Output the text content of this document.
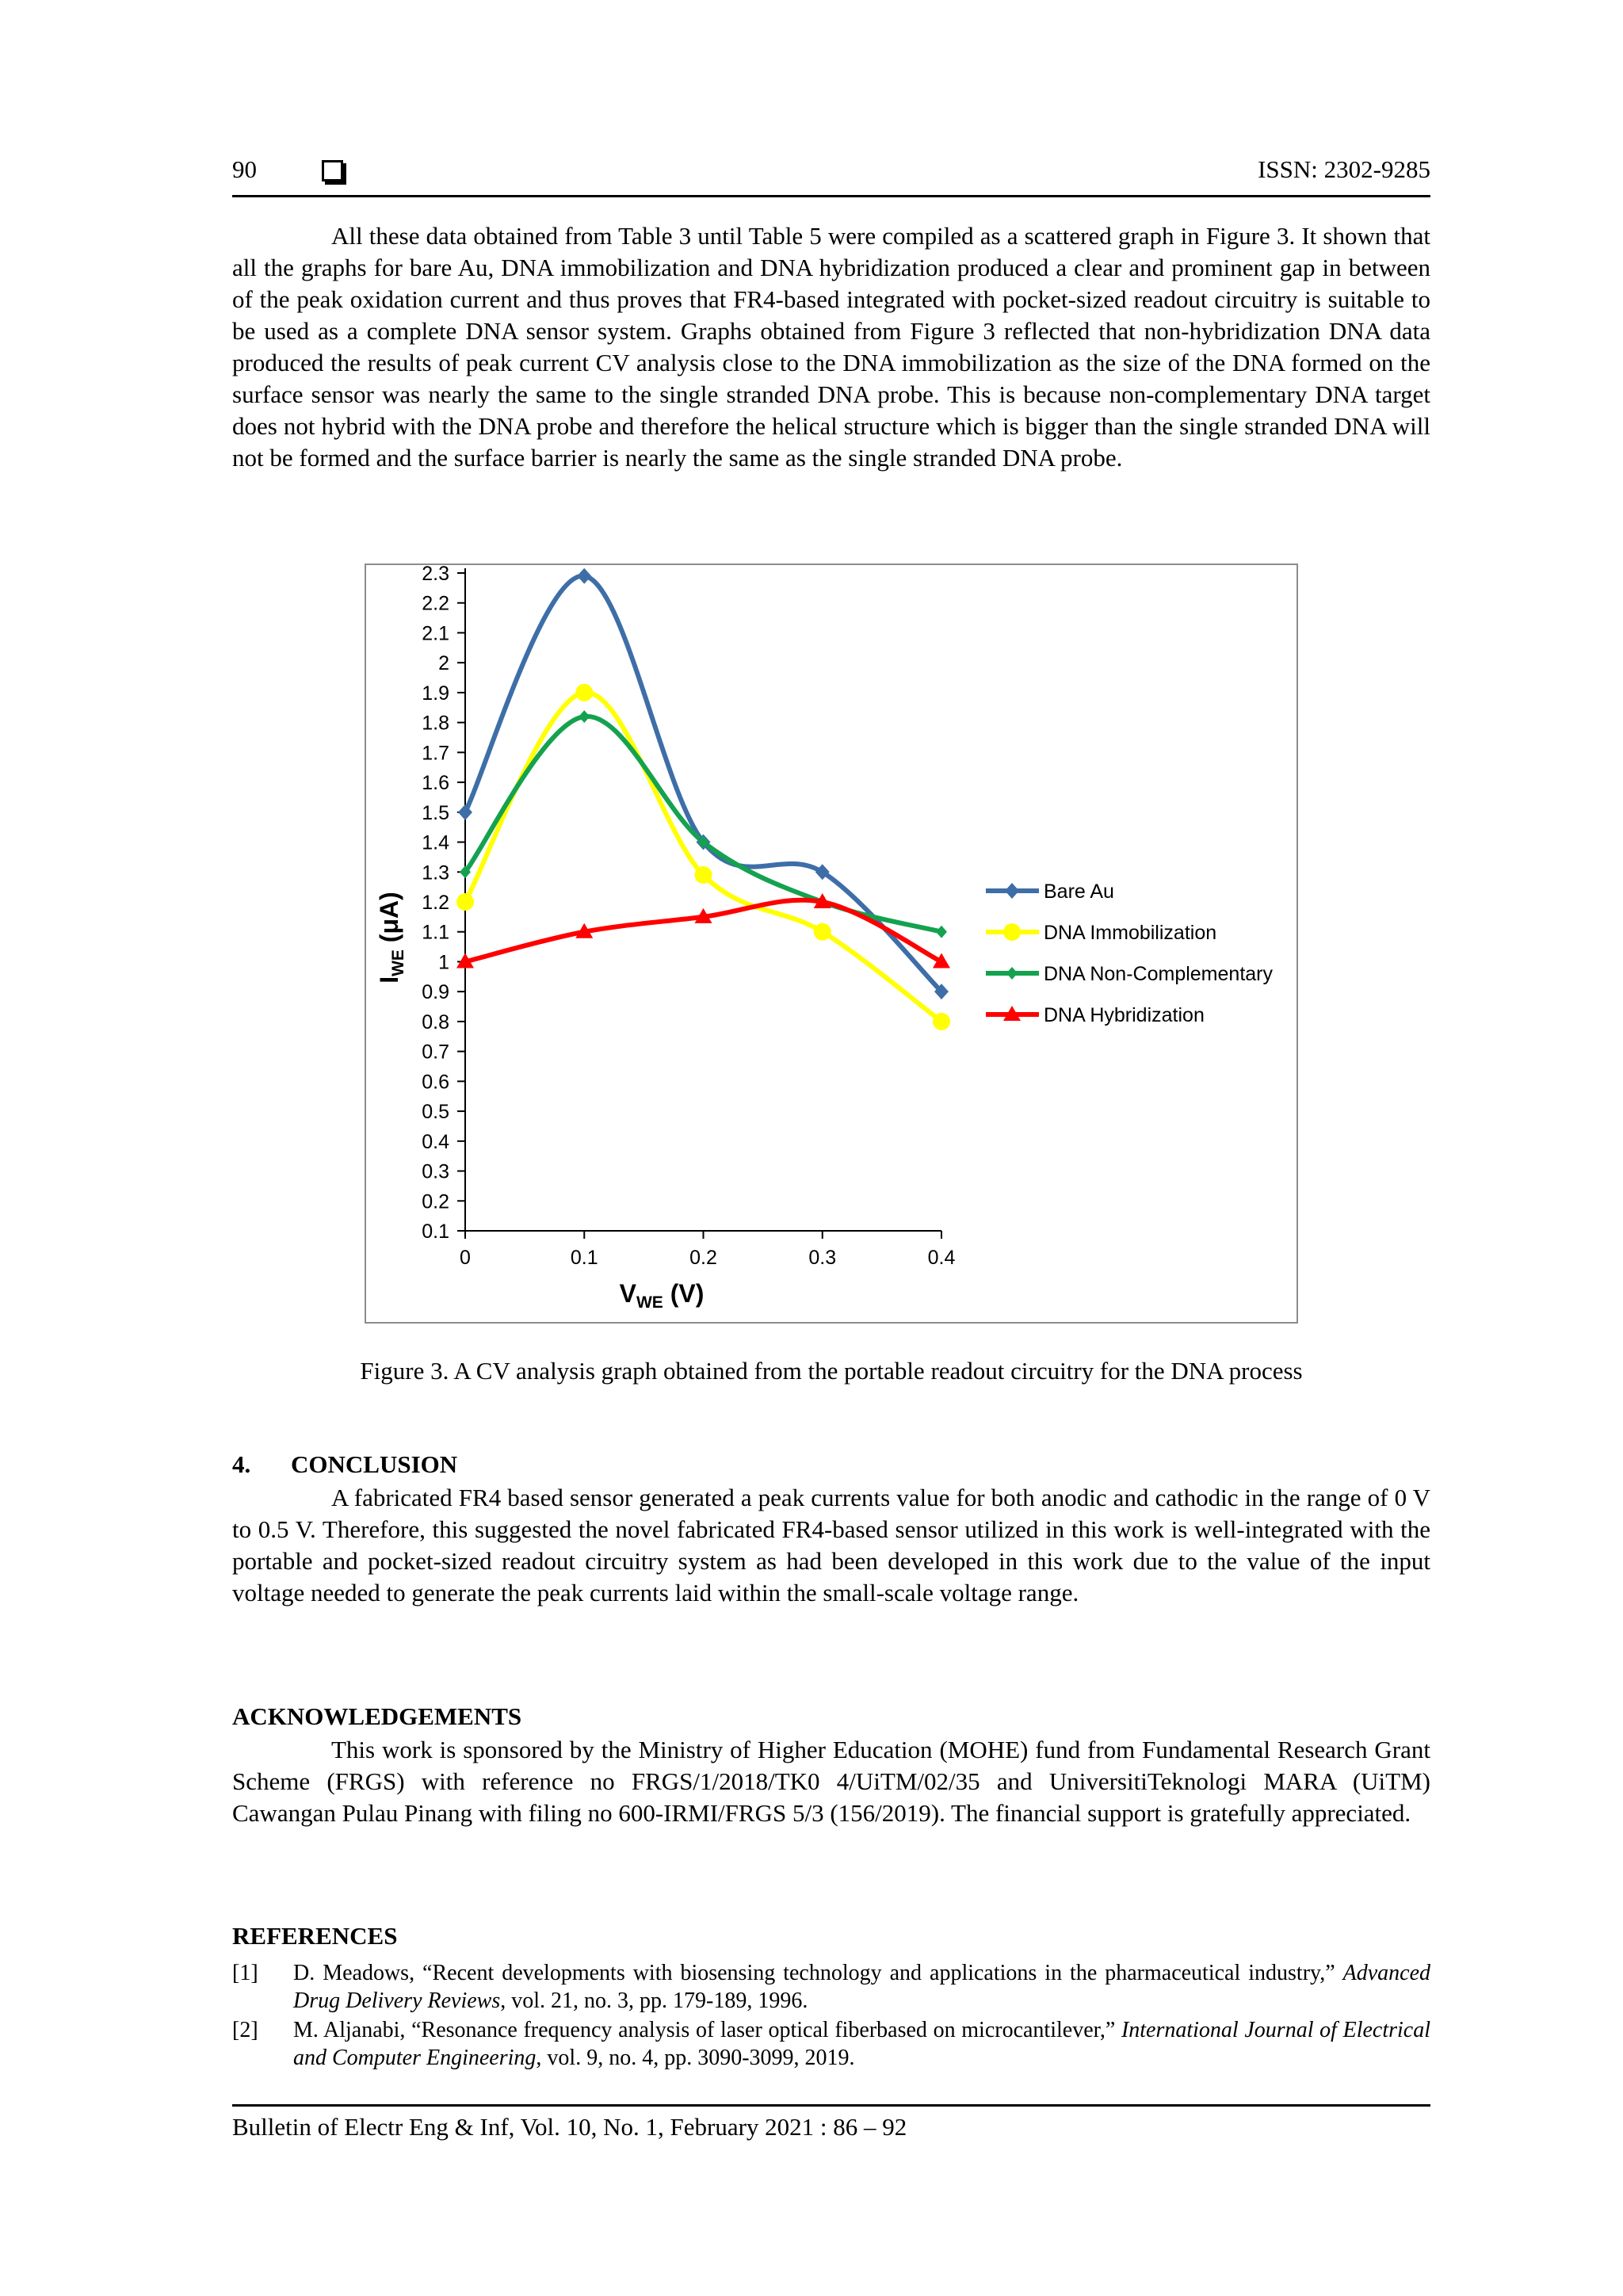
90	ISSN: 2302-9285

All these data obtained from Table 3 until Table 5 were compiled as a scattered graph in Figure 3. It shown that all the graphs for bare Au, DNA immobilization and DNA hybridization produced a clear and prominent gap in between of the peak oxidation current and thus proves that FR4-based integrated with pocket-sized readout circuitry is suitable to be used as a complete DNA sensor system. Graphs obtained from Figure 3 reflected that non-hybridization DNA data produced the results of peak current CV analysis close to the DNA immobilization as the size of the DNA formed on the surface sensor was nearly the same to the single stranded DNA probe. This is because non-complementary DNA target does not hybrid with the DNA probe and therefore the helical structure which is bigger than the single stranded DNA will not be formed and the surface barrier is nearly the same as the single stranded DNA probe.

0.1
0.2
0.3
0.4
0.5
0.6
0.7
0.8
0.9
1
1.1
1.2
1.3
1.4
1.5
1.6
1.7
1.8
1.9
2
2.1
2.2
2.3
0	0.1	0.2	0.3	0.4
Bare Au
DNA Immobilization
DNA Non-Complementary
DNA Hybridization
$V_{WE}$ (V)
$I_{WE}$ (μA)
Figure 3. A CV analysis graph obtained from the portable readout circuitry for the DNA process
4. CONCLUSION

A fabricated FR4 based sensor generated a peak currents value for both anodic and cathodic in the range of 0 V to 0.5 V. Therefore, this suggested the novel fabricated FR4-based sensor utilized in this work is well-integrated with the portable and pocket-sized readout circuitry system as had been developed in this work due to the value of the input voltage needed to generate the peak currents laid within the small-scale voltage range.

ACKNOWLEDGEMENTS

This work is sponsored by the Ministry of Higher Education (MOHE) fund from Fundamental Research Grant Scheme (FRGS) with reference no FRGS/1/2018/TK0 4/UiTM/02/35 and UniversitiTeknologi MARA (UiTM) Cawangan Pulau Pinang with filing no 600-IRMI/FRGS 5/3 (156/2019). The financial support is gratefully appreciated.

REFERENCES
[1] D. Meadows, “Recent developments with biosensing technology and applications in the pharmaceutical industry,” Advanced Drug Delivery Reviews, vol. 21, no. 3, pp. 179-189, 1996.
[2] M. Aljanabi, “Resonance frequency analysis of laser optical fiberbased on microcantilever,” International Journal of Electrical and Computer Engineering, vol. 9, no. 4, pp. 3090-3099, 2019.
Bulletin of Electr Eng & Inf, Vol. 10, No. 1, February 2021 : 86 – 92
